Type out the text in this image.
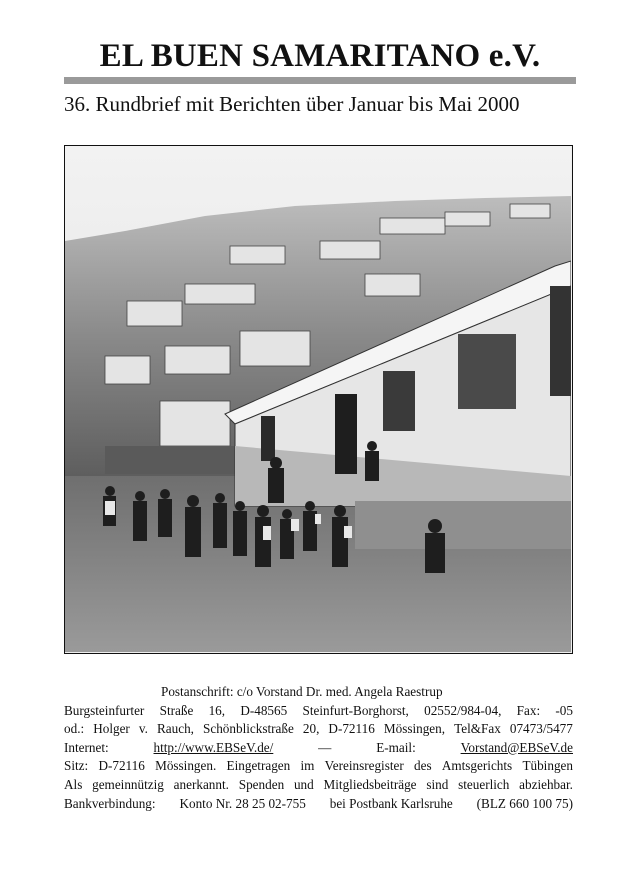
EL BUEN SAMARITANO e.V.
36. Rundbrief mit Berichten über Januar bis Mai 2000
Postanschrift: c/o Vorstand Dr. med. Angela Raestrup
Burgsteinfurter Straße 16, D-48565 Steinfurt-Borghorst, 02552/984-04, Fax: -05
od.: Holger v. Rauch, Schönblickstraße 20, D-72116 Mössingen, Tel&Fax 07473/5477
Internet:	http://www.EBSeV.de/	—	E-mail:	Vorstand@EBSeV.de
Sitz: D-72116 Mössingen. Eingetragen im Vereinsregister des Amtsgerichts Tübingen
Als gemeinnützig anerkannt. Spenden und Mitgliedsbeiträge sind steuerlich abziehbar.
Bankverbindung: Konto Nr. 28 25 02-755 bei Postbank Karlsruhe (BLZ 660 100 75)
